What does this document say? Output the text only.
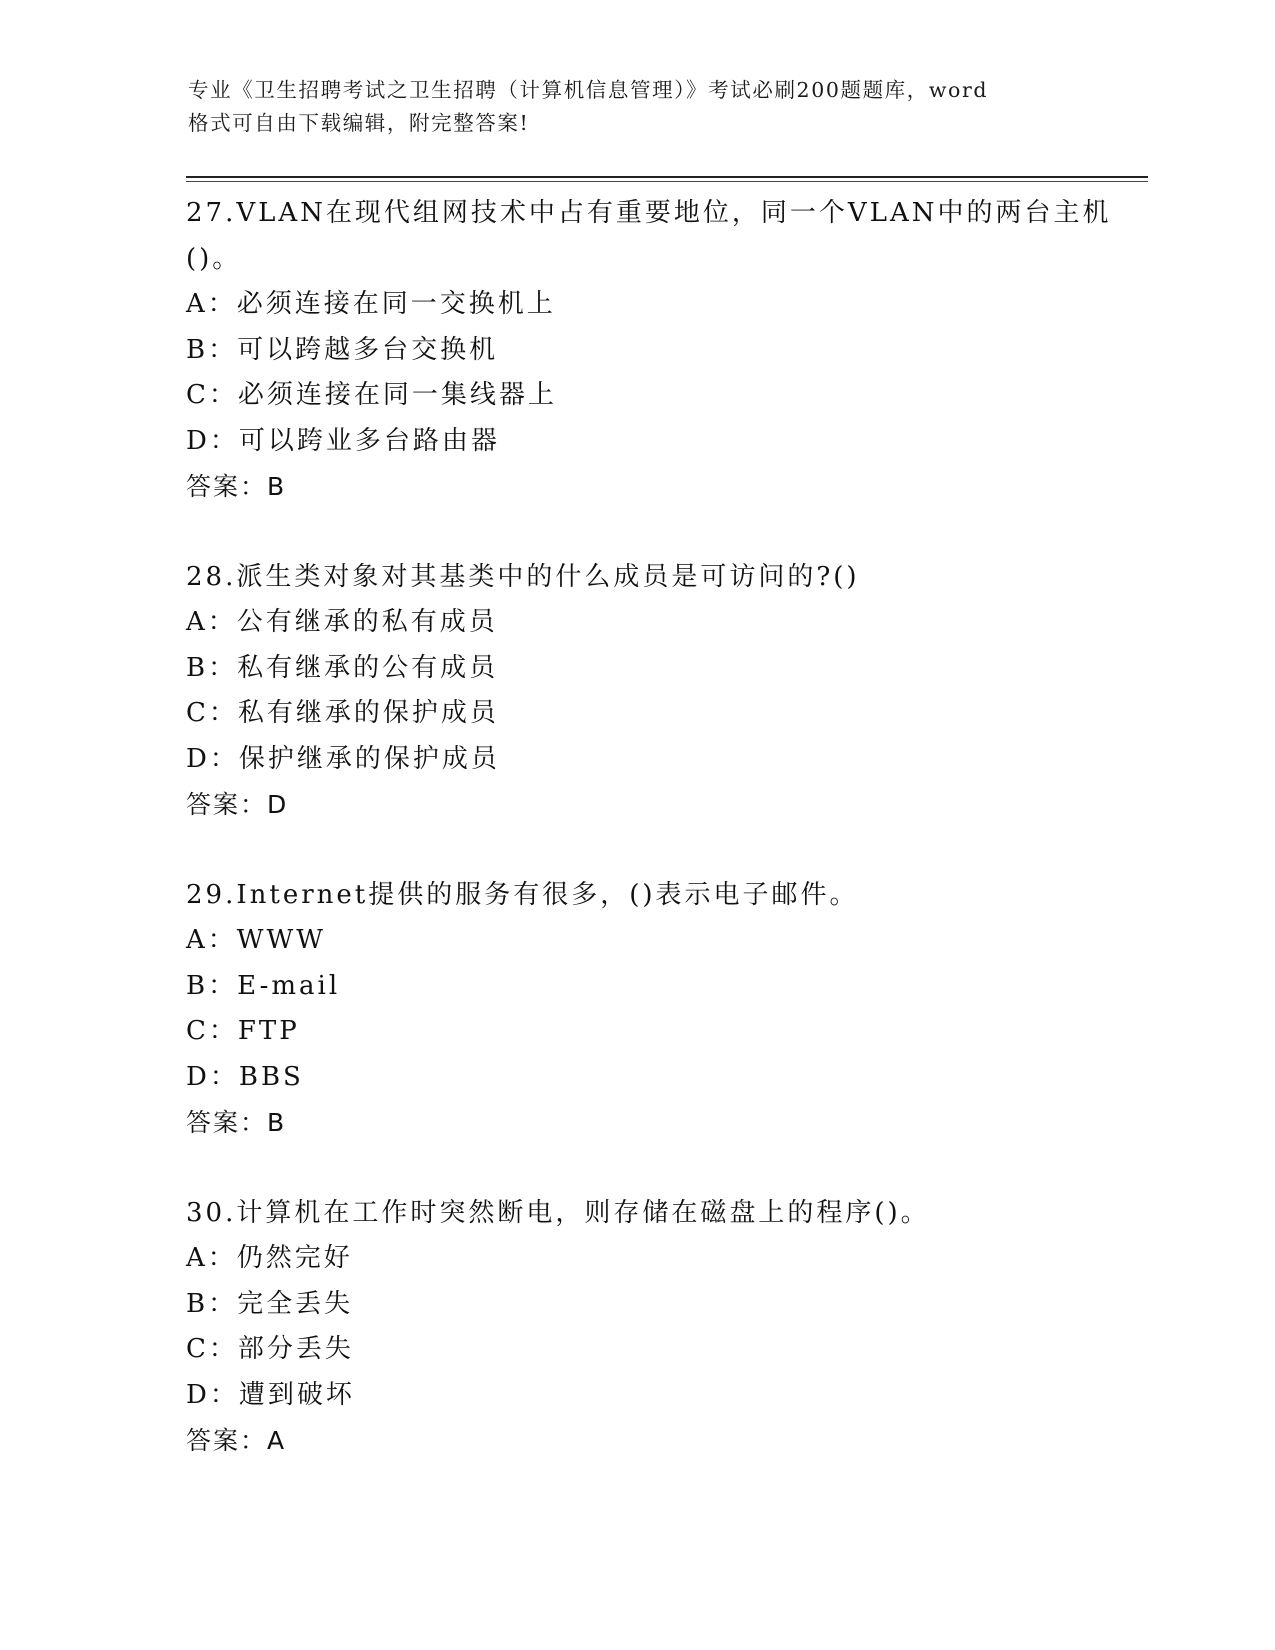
专业《卫生招聘考试之卫生招聘（计算机信息管理）》考试必刷200题题库，word
格式可自由下载编辑，附完整答案!
27.VLAN在现代组网技术中占有重要地位，同一个VLAN中的两台主机
()。
A：必须连接在同一交换机上
B：可以跨越多台交换机
C：必须连接在同一集线器上
D：可以跨业多台路由器
答案：B
28.派生类对象对其基类中的什么成员是可访问的?()
A：公有继承的私有成员
B：私有继承的公有成员
C：私有继承的保护成员
D：保护继承的保护成员
答案：D
29.Internet提供的服务有很多，()表示电子邮件。
A：WWW
B：E-mail
C：FTP
D：BBS
答案：B
30.计算机在工作时突然断电，则存储在磁盘上的程序()。
A：仍然完好
B：完全丢失
C：部分丢失
D：遭到破坏
答案：A
